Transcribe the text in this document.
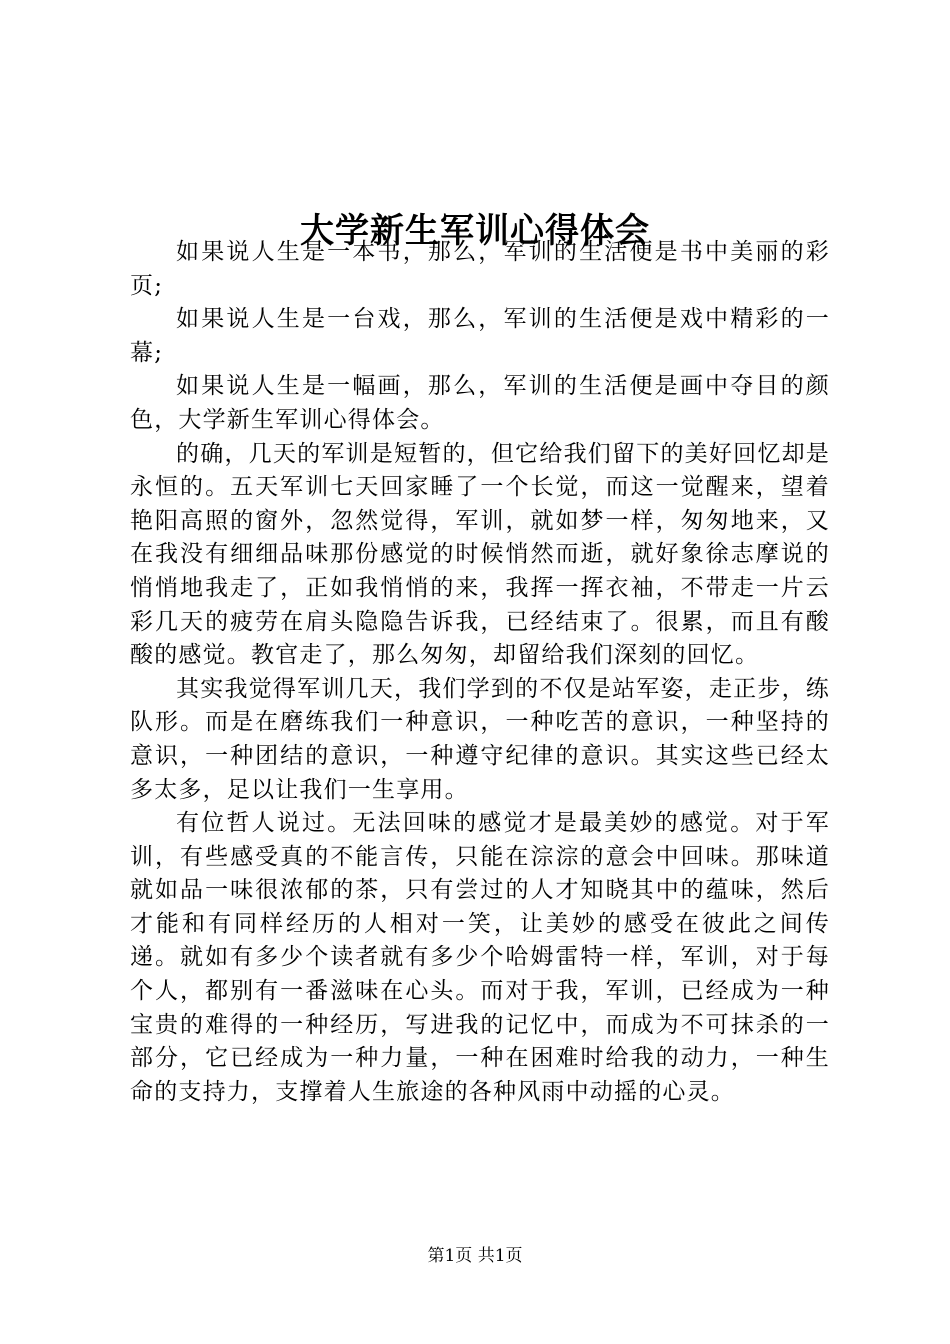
大学新生军训心得体会

如果说人生是一本书，那么，军训的生活便是书中美丽的彩页;

如果说人生是一台戏，那么，军训的生活便是戏中精彩的一幕;

如果说人生是一幅画，那么，军训的生活便是画中夺目的颜色，大学新生军训心得体会。

的确，几天的军训是短暂的，但它给我们留下的美好回忆却是永恒的。五天军训七天回家睡了一个长觉，而这一觉醒来，望着艳阳高照的窗外，忽然觉得，军训，就如梦一样，匆匆地来，又在我没有细细品味那份感觉的时候悄然而逝，就好象徐志摩说的悄悄地我走了，正如我悄悄的来，我挥一挥衣袖，不带走一片云彩几天的疲劳在肩头隐隐告诉我，已经结束了。很累，而且有酸酸的感觉。教官走了，那么匆匆，却留给我们深刻的回忆。

其实我觉得军训几天，我们学到的不仅是站军姿，走正步，练队形。而是在磨练我们一种意识，一种吃苦的意识，一种坚持的意识，一种团结的意识，一种遵守纪律的意识。其实这些已经太多太多，足以让我们一生享用。

有位哲人说过。无法回味的感觉才是最美妙的感觉。对于军训，有些感受真的不能言传，只能在淙淙的意会中回味。那味道就如品一味很浓郁的茶，只有尝过的人才知晓其中的蕴味，然后才能和有同样经历的人相对一笑，让美妙的感受在彼此之间传递。就如有多少个读者就有多少个哈姆雷特一样，军训，对于每个人，都别有一番滋味在心头。而对于我，军训，已经成为一种宝贵的难得的一种经历，写进我的记忆中，而成为不可抹杀的一部分，它已经成为一种力量，一种在困难时给我的动力，一种生命的支持力，支撑着人生旅途的各种风雨中动摇的心灵。

第1页 共1页
